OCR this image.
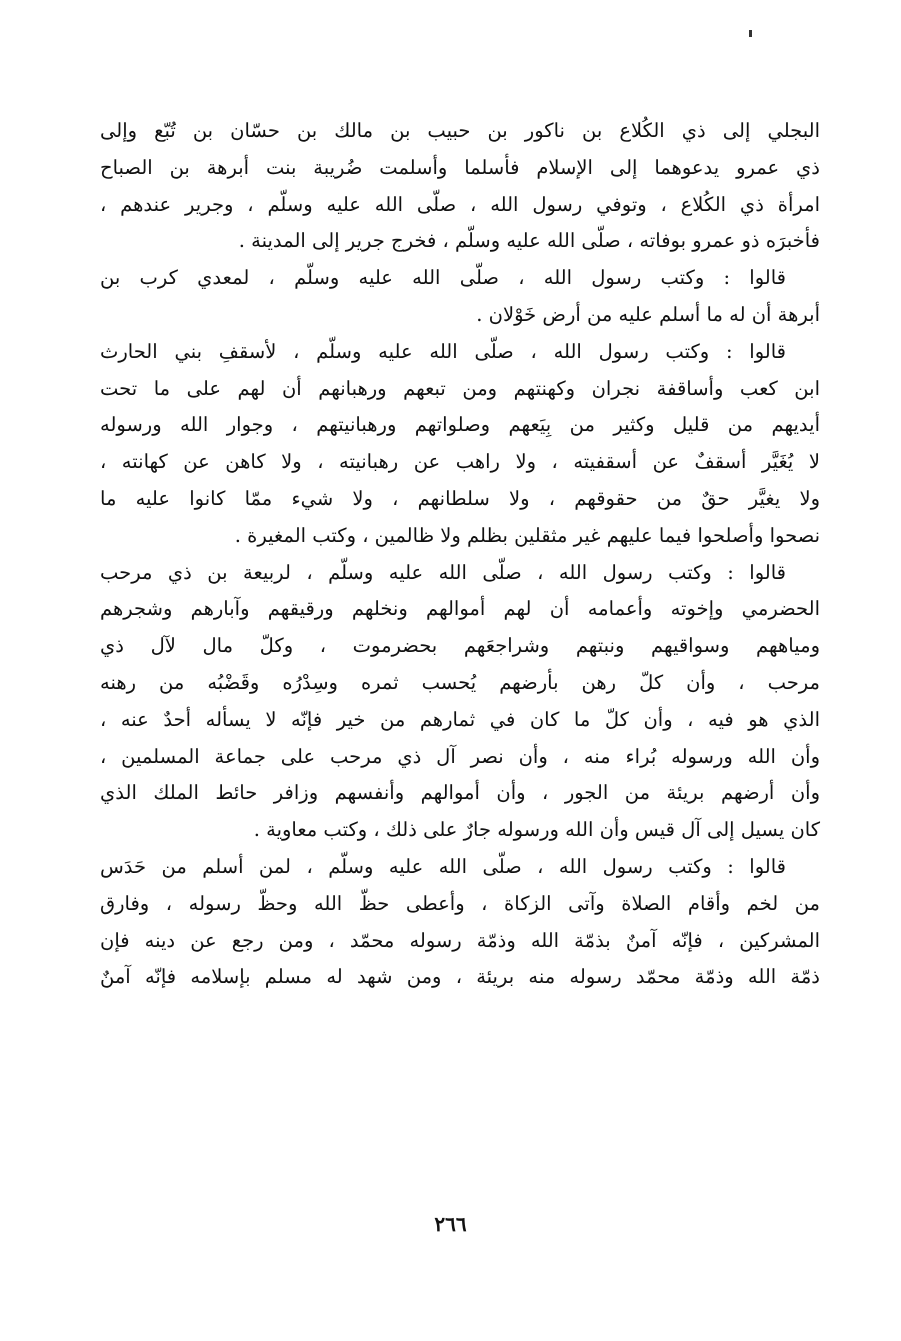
البجلي إلى ذي الكُلاع بن ناكور بن حبيب بن مالك بن حسّان بن تُبّع وإلى
ذي عمرو يدعوهما إلى الإسلام فأسلما وأسلمت ضُريبة بنت أبرهة بن الصباح
امرأة ذي الكُلاع ، وتوفي رسول الله ، صلّى الله عليه وسلّم ، وجرير عندهم ،
فأخبرَه ذو عمرو بوفاته ، صلّى الله عليه وسلّم ، فخرج جرير إلى المدينة .
قالوا : وكتب رسول الله ، صلّى الله عليه وسلّم ، لمعدي كرب بن
أبرهة أن له ما أسلم عليه من أرض خَوْلان .
قالوا : وكتب رسول الله ، صلّى الله عليه وسلّم ، لأسقفِ بني الحارث
ابن كعب وأساقفة نجران وكهنتهم ومن تبعهم ورهبانهم أن لهم على ما تحت
أيديهم من قليل وكثير من بِيَعهم وصلواتهم ورهبانيتهم ، وجوار الله ورسوله
لا يُغَيَّر أسقفٌ عن أسقفيته ، ولا راهب عن رهبانيته ، ولا كاهن عن كهانته ،
ولا يغيَّر حقٌ من حقوقهم ، ولا سلطانهم ، ولا شيء ممّا كانوا عليه ما
نصحوا وأصلحوا فيما عليهم غير مثقلين بظلم ولا ظالمين ، وكتب المغيرة .
قالوا : وكتب رسول الله ، صلّى الله عليه وسلّم ، لربيعة بن ذي مرحب
الحضرمي وإخوته وأعمامه أن لهم أموالهم ونخلهم ورقيقهم وآبارهم وشجرهم
ومياههم وسواقيهم ونبتهم وشراجعَهم بحضرموت ، وكلّ مال لآل ذي
مرحب ، وأن كلّ رهن بأرضهم يُحسب ثمره وسِدْرُه وقَضْبُه من رهنه
الذي هو فيه ، وأن كلّ ما كان في ثمارهم من خير فإنّه لا يسأله أحدٌ عنه ،
وأن الله ورسوله بُراء منه ، وأن نصر آل ذي مرحب على جماعة المسلمين ،
وأن أرضهم بريئة من الجور ، وأن أموالهم وأنفسهم وزافر حائط الملك الذي
كان يسيل إلى آل قيس وأن الله ورسوله جارٌ على ذلك ، وكتب معاوية .
قالوا : وكتب رسول الله ، صلّى الله عليه وسلّم ، لمن أسلم من حَدَس
من لخم وأقام الصلاة وآتى الزكاة ، وأعطى حظّ الله وحظّ رسوله ، وفارق
المشركين ، فإنّه آمنٌ بذمّة الله وذمّة رسوله محمّد ، ومن رجع عن دينه فإن
ذمّة الله وذمّة محمّد رسوله منه بريئة ، ومن شهد له مسلم بإسلامه فإنّه آمنٌ
٢٦٦
